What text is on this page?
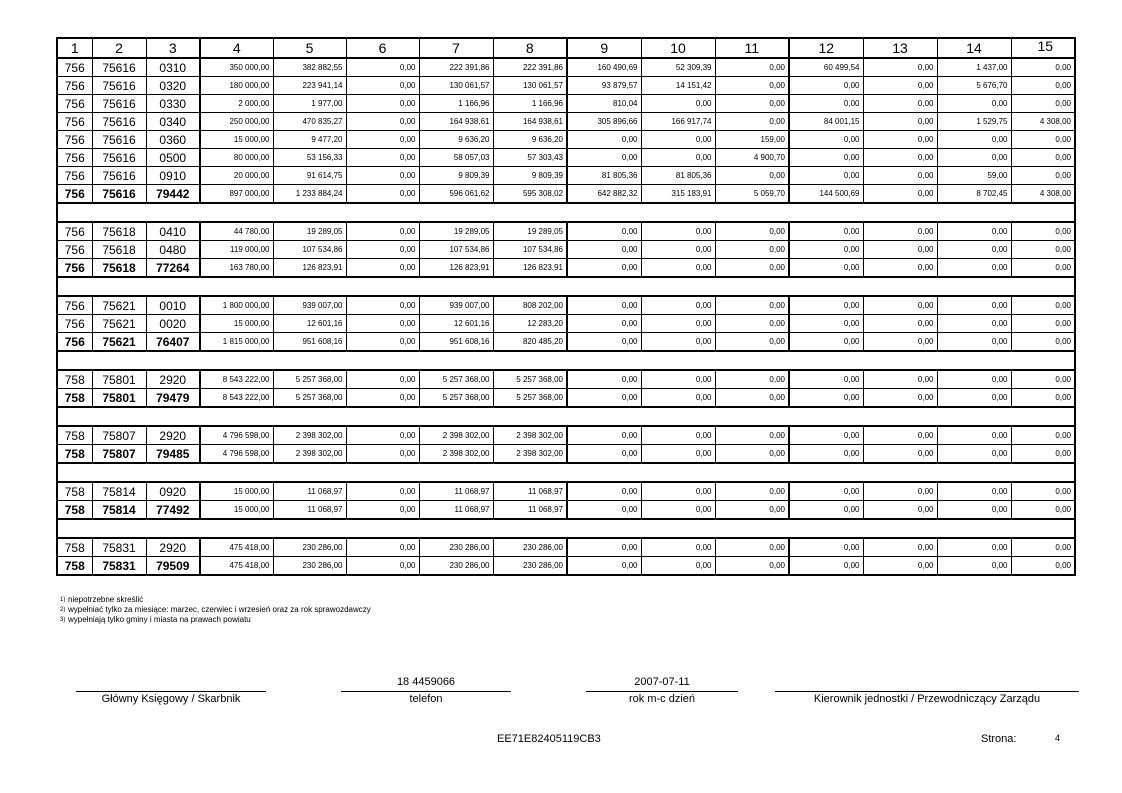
1	2	3	4	5	6	7	8	9	10	11	12	13	14	15
756	75616	0310	350 000,00	382 882,55	0,00	222 391,86	222 391,86	160 490,69	52 309,39	0,00	60 499,54	0,00	1 437,00	0,00
756	75616	0320	180 000,00	223 941,14	0,00	130 061,57	130 061,57	93 879,57	14 151,42	0,00	0,00	0,00	5 676,70	0,00
756	75616	0330	2 000,00	1 977,00	0,00	1 166,96	1 166,96	810,04	0,00	0,00	0,00	0,00	0,00	0,00
756	75616	0340	250 000,00	470 835,27	0,00	164 938,61	164 938,61	305 896,66	166 917,74	0,00	84 001,15	0,00	1 529,75	4 308,00
756	75616	0360	15 000,00	9 477,20	0,00	9 636,20	9 636,20	0,00	0,00	159,00	0,00	0,00	0,00	0,00
756	75616	0500	80 000,00	53 156,33	0,00	58 057,03	57 303,43	0,00	0,00	4 900,70	0,00	0,00	0,00	0,00
756	75616	0910	20 000,00	91 614,75	0,00	9 809,39	9 809,39	81 805,36	81 805,36	0,00	0,00	0,00	59,00	0,00
756	75616	79442	897 000,00	1 233 884,24	0,00	596 061,62	595 308,02	642 882,32	315 183,91	5 059,70	144 500,69	0,00	8 702,45	4 308,00

756	75618	0410	44 780,00	19 289,05	0,00	19 289,05	19 289,05	0,00	0,00	0,00	0,00	0,00	0,00	0,00
756	75618	0480	119 000,00	107 534,86	0,00	107 534,86	107 534,86	0,00	0,00	0,00	0,00	0,00	0,00	0,00
756	75618	77264	163 780,00	126 823,91	0,00	126 823,91	126 823,91	0,00	0,00	0,00	0,00	0,00	0,00	0,00

756	75621	0010	1 800 000,00	939 007,00	0,00	939 007,00	808 202,00	0,00	0,00	0,00	0,00	0,00	0,00	0,00
756	75621	0020	15 000,00	12 601,16	0,00	12 601,16	12 283,20	0,00	0,00	0,00	0,00	0,00	0,00	0,00
756	75621	76407	1 815 000,00	951 608,16	0,00	951 608,16	820 485,20	0,00	0,00	0,00	0,00	0,00	0,00	0,00

758	75801	2920	8 543 222,00	5 257 368,00	0,00	5 257 368,00	5 257 368,00	0,00	0,00	0,00	0,00	0,00	0,00	0,00
758	75801	79479	8 543 222,00	5 257 368,00	0,00	5 257 368,00	5 257 368,00	0,00	0,00	0,00	0,00	0,00	0,00	0,00

758	75807	2920	4 796 598,00	2 398 302,00	0,00	2 398 302,00	2 398 302,00	0,00	0,00	0,00	0,00	0,00	0,00	0,00
758	75807	79485	4 796 598,00	2 398 302,00	0,00	2 398 302,00	2 398 302,00	0,00	0,00	0,00	0,00	0,00	0,00	0,00

758	75814	0920	15 000,00	11 068,97	0,00	11 068,97	11 068,97	0,00	0,00	0,00	0,00	0,00	0,00	0,00
758	75814	77492	15 000,00	11 068,97	0,00	11 068,97	11 068,97	0,00	0,00	0,00	0,00	0,00	0,00	0,00

758	75831	2920	475 418,00	230 286,00	0,00	230 286,00	230 286,00	0,00	0,00	0,00	0,00	0,00	0,00	0,00
758	75831	79509	475 418,00	230 286,00	0,00	230 286,00	230 286,00	0,00	0,00	0,00	0,00	0,00	0,00	0,00
1) niepotrzebne skreślić
2) wypełniać tylko za miesiące: marzec, czerwiec i wrzesień oraz za rok sprawozdawczy
3) wypełniają tylko gminy i miasta na prawach powiatu
Główny Księgowy / Skarbnik
18 4459066
telefon
2007-07-11
rok m-c dzień	Kierownik jednostki / Przewodniczący Zarządu
EE71E82405119CB3	Strona:	4
